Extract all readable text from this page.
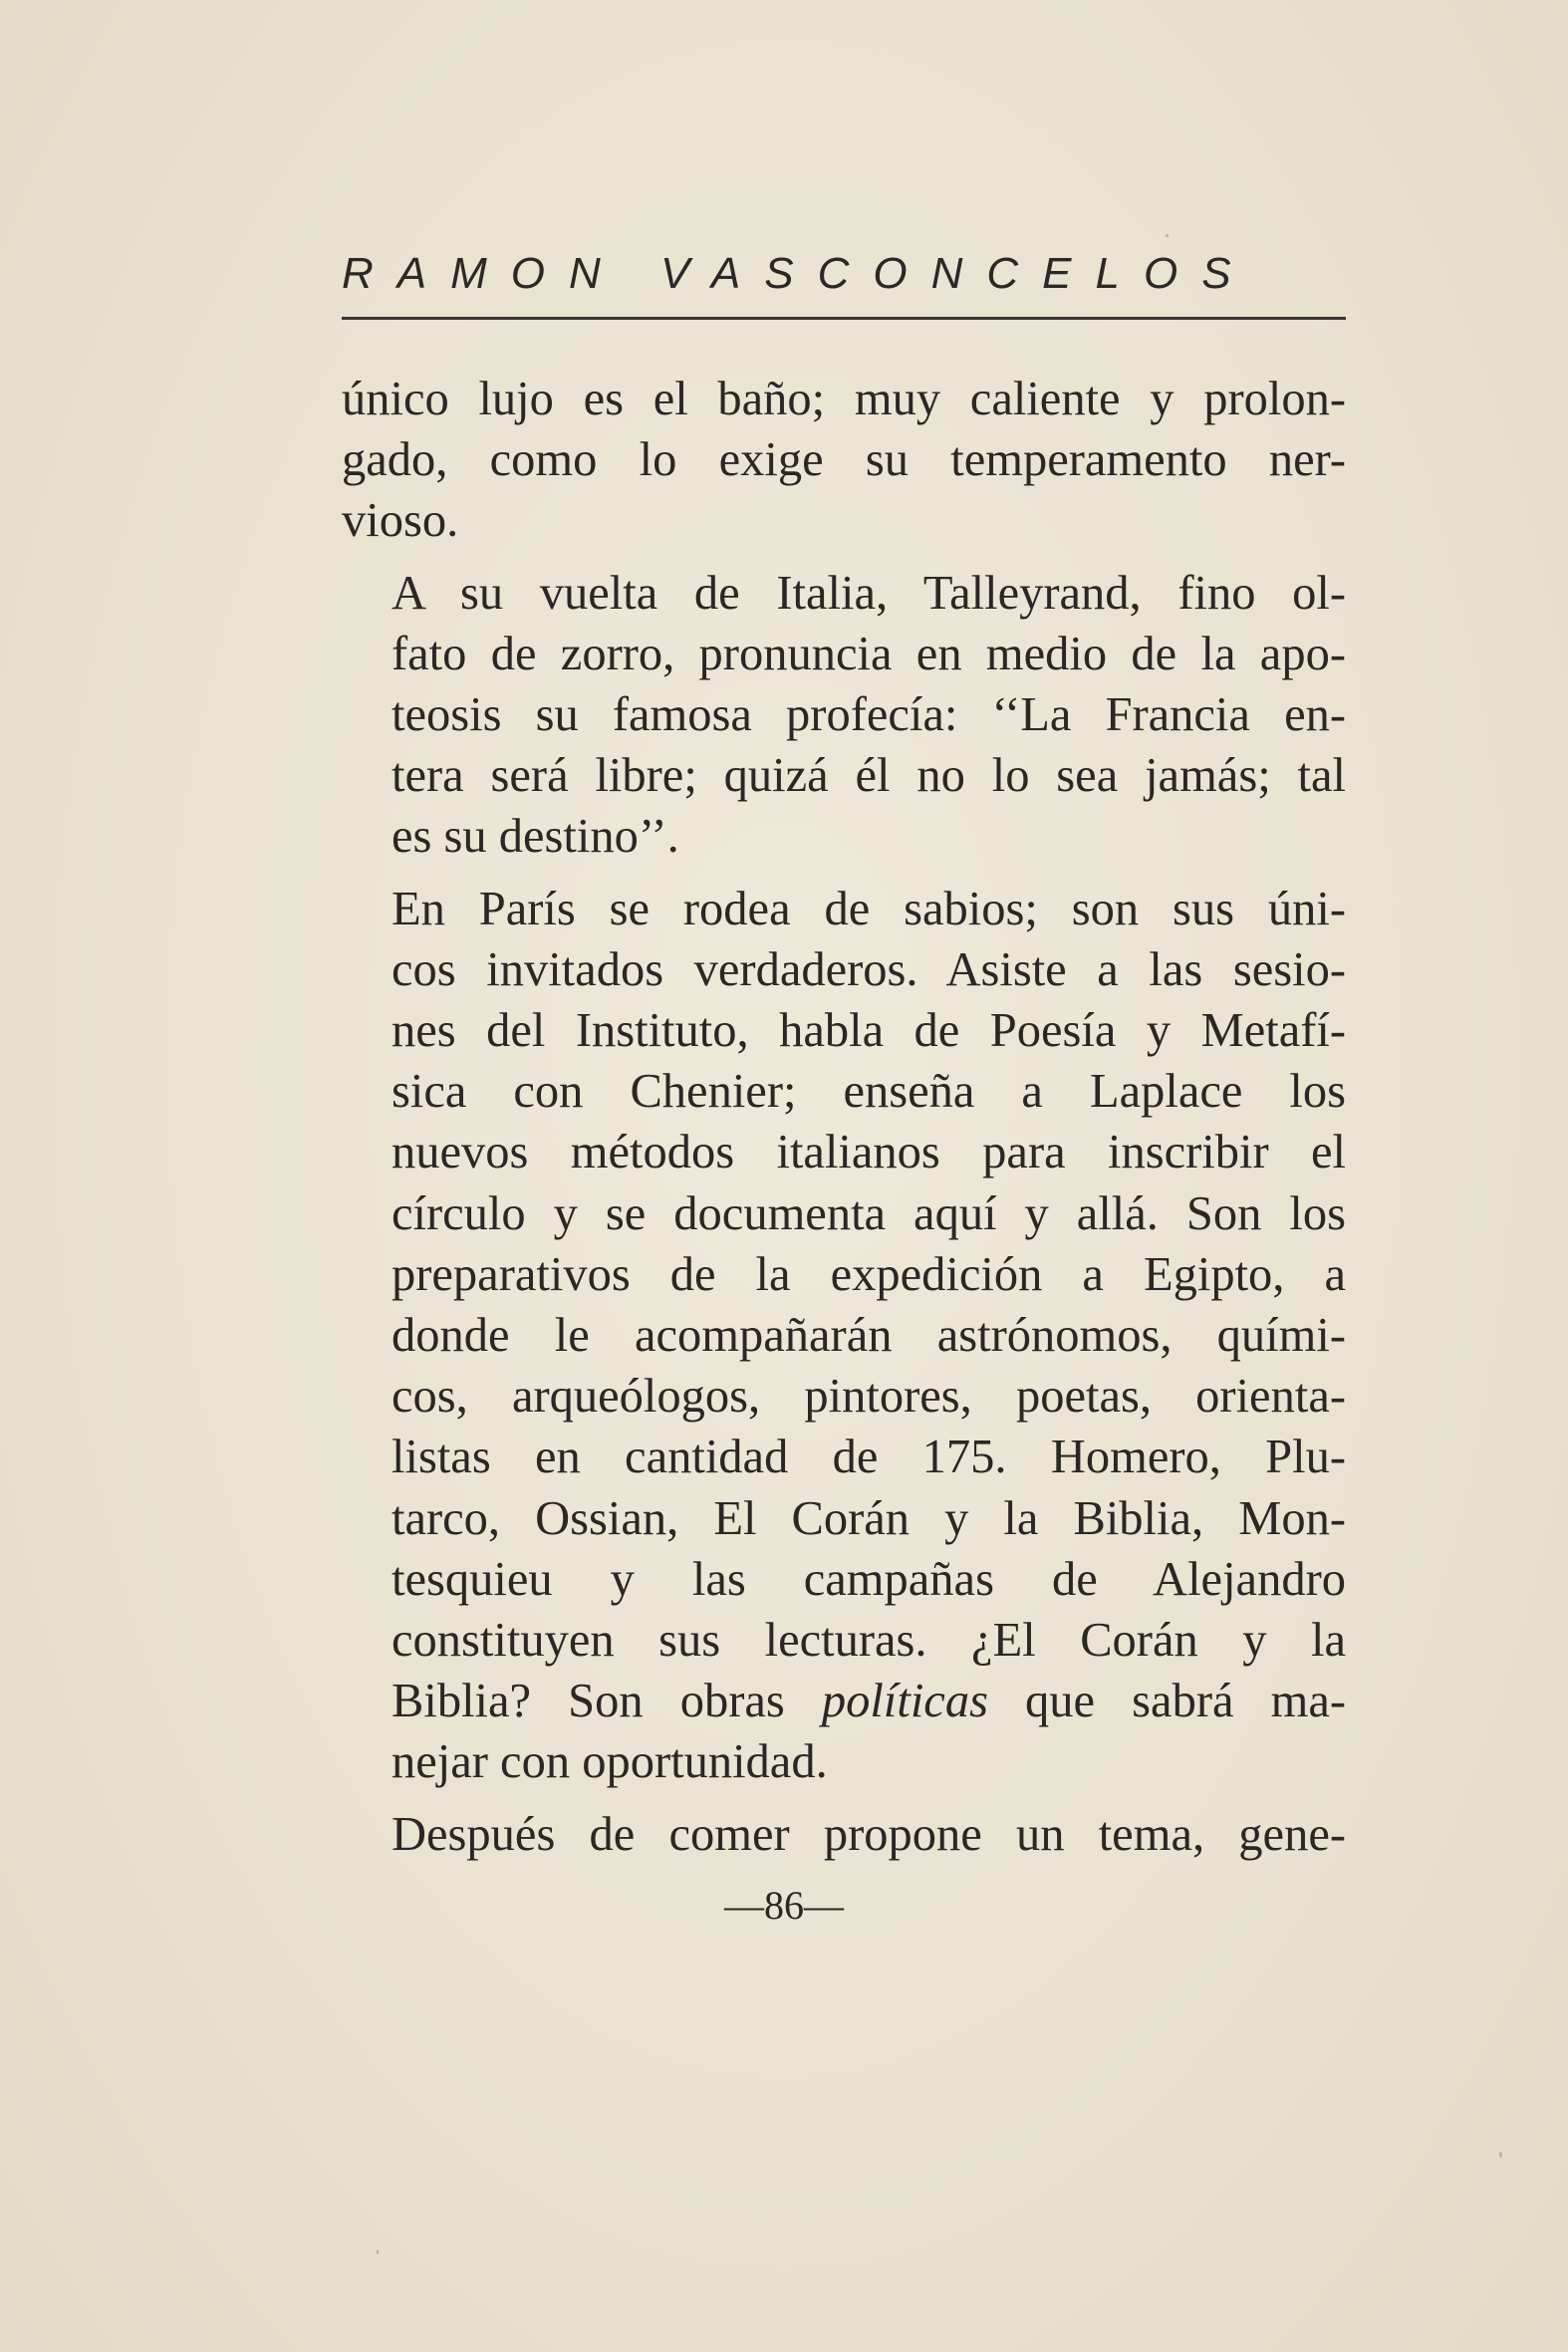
RAMON VASCONCELOS

único lujo es el baño; muy caliente y prolon-
gado, como lo exige su temperamento ner-
vioso.

A su vuelta de Italia, Talleyrand, fino ol-
fato de zorro, pronuncia en medio de la apo-
teosis su famosa profecía: ‘‘La Francia en-
tera será libre; quizá él no lo sea jamás; tal
es su destino’’.

En París se rodea de sabios; son sus úni-
cos invitados verdaderos. Asiste a las sesio-
nes del Instituto, habla de Poesía y Metafí-
sica con Chenier; enseña a Laplace los
nuevos métodos italianos para inscribir el
círculo y se documenta aquí y allá. Son los
preparativos de la expedición a Egipto, a
donde le acompañarán astrónomos, quími-
cos, arqueólogos, pintores, poetas, orienta-
listas en cantidad de 175. Homero, Plu-
tarco, Ossian, El Corán y la Biblia, Mon-
tesquieu y las campañas de Alejandro
constituyen sus lecturas. ¿El Corán y la
Biblia? Son obras políticas que sabrá ma-
nejar con oportunidad.

Después de comer propone un tema, gene-

—86—
